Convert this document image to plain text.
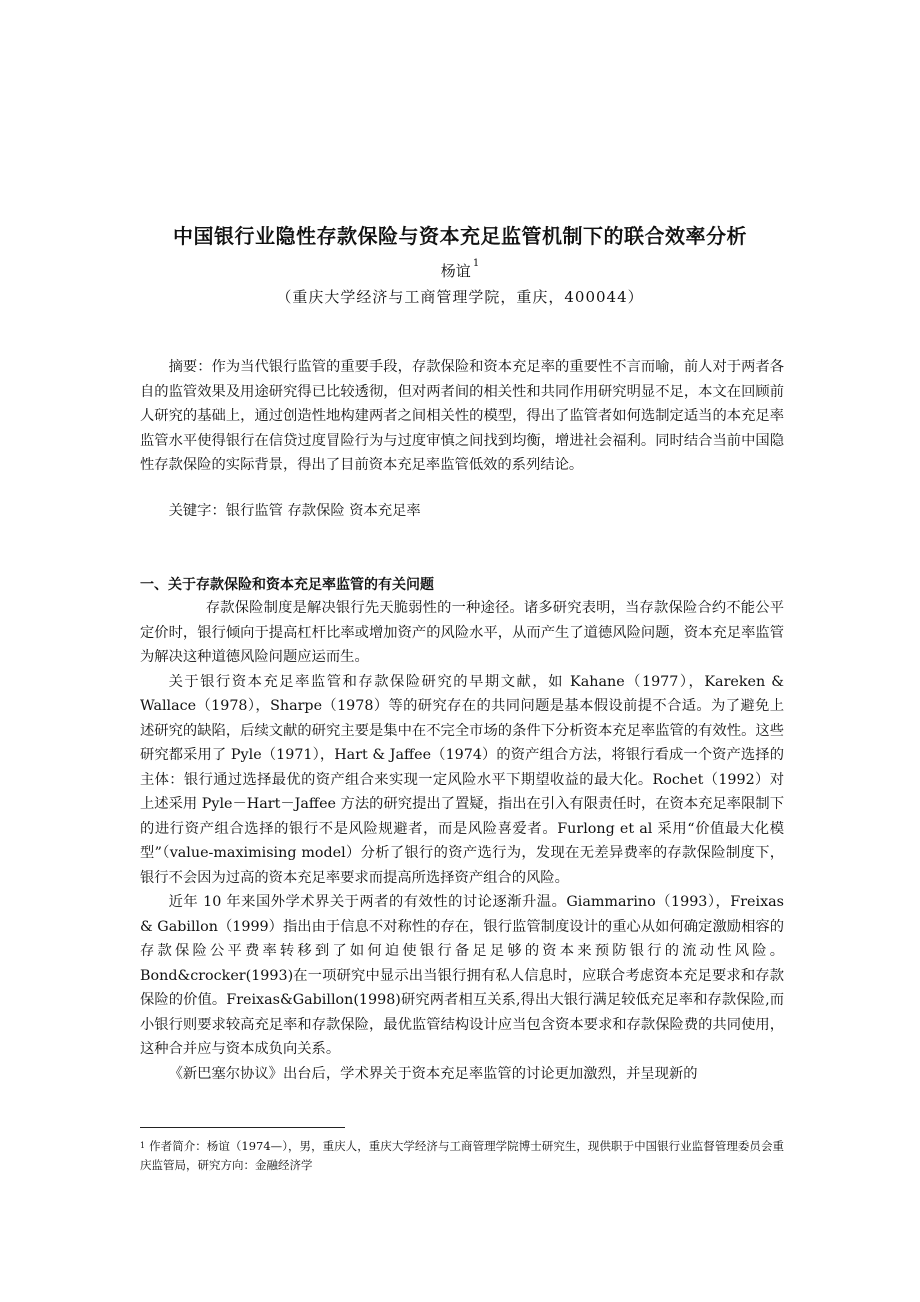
中国银行业隐性存款保险与资本充足监管机制下的联合效率分析
杨谊 $^1$
（重庆大学经济与工商管理学院，重庆，400044）

摘要：作为当代银行监管的重要手段，存款保险和资本充足率的重要性不言而喻，前人对于两者各自的监管效果及用途研究得已比较透彻，但对两者间的相关性和共同作用研究明显不足，本文在回顾前人研究的基础上，通过创造性地构建两者之间相关性的模型，得出了监管者如何选制定适当的本充足率监管水平使得银行在信贷过度冒险行为与过度审慎之间找到均衡，增进社会福利。同时结合当前中国隐性存款保险的实际背景，得出了目前资本充足率监管低效的系列结论。

关键字：银行监管 存款保险 资本充足率

一、关于存款保险和资本充足率监管的有关问题

存款保险制度是解决银行先天脆弱性的一种途径。诸多研究表明，当存款保险合约不能公平定价时，银行倾向于提高杠杆比率或增加资产的风险水平，从而产生了道德风险问题，资本充足率监管为解决这种道德风险问题应运而生。

关于银行资本充足率监管和存款保险研究的早期文献，如 Kahane（1977），Kareken & Wallace（1978），Sharpe（1978）等的研究存在的共同问题是基本假设前提不合适。为了避免上述研究的缺陷，后续文献的研究主要是集中在不完全市场的条件下分析资本充足率监管的有效性。这些研究都采用了 Pyle（1971），Hart & Jaffee（1974）的资产组合方法，将银行看成一个资产选择的主体：银行通过选择最优的资产组合来实现一定风险水平下期望收益的最大化。Rochet（1992）对上述采用 Pyle－Hart－Jaffee 方法的研究提出了置疑，指出在引入有限责任时，在资本充足率限制下的进行资产组合选择的银行不是风险规避者，而是风险喜爱者。Furlong et al 采用“价值最大化模型”（value-maximising model）分析了银行的资产选行为，发现在无差异费率的存款保险制度下，银行不会因为过高的资本充足率要求而提高所选择资产组合的风险。

近年 10 年来国外学术界关于两者的有效性的讨论逐渐升温。Giammarino（1993），Freixas & Gabillon（1999）指出由于信息不对称性的存在，银行监管制度设计的重心从如何确定激励相容的存款保险公平费率转移到了如何迫使银行备足足够的资本来预防银行的流动性风险。Bond&crocker(1993)在一项研究中显示出当银行拥有私人信息时，应联合考虑资本充足要求和存款保险的价值。Freixas&Gabillon(1998)研究两者相互关系,得出大银行满足较低充足率和存款保险,而小银行则要求较高充足率和存款保险，最优监管结构设计应当包含资本要求和存款保险费的共同使用，这种合并应与资本成负向关系。

《新巴塞尔协议》出台后，学术界关于资本充足率监管的讨论更加激烈，并呈现新的

$^1$ 作者简介：杨谊（1974—），男，重庆人，重庆大学经济与工商管理学院博士研究生，现供职于中国银行业监督管理委员会重庆监管局，研究方向：金融经济学
